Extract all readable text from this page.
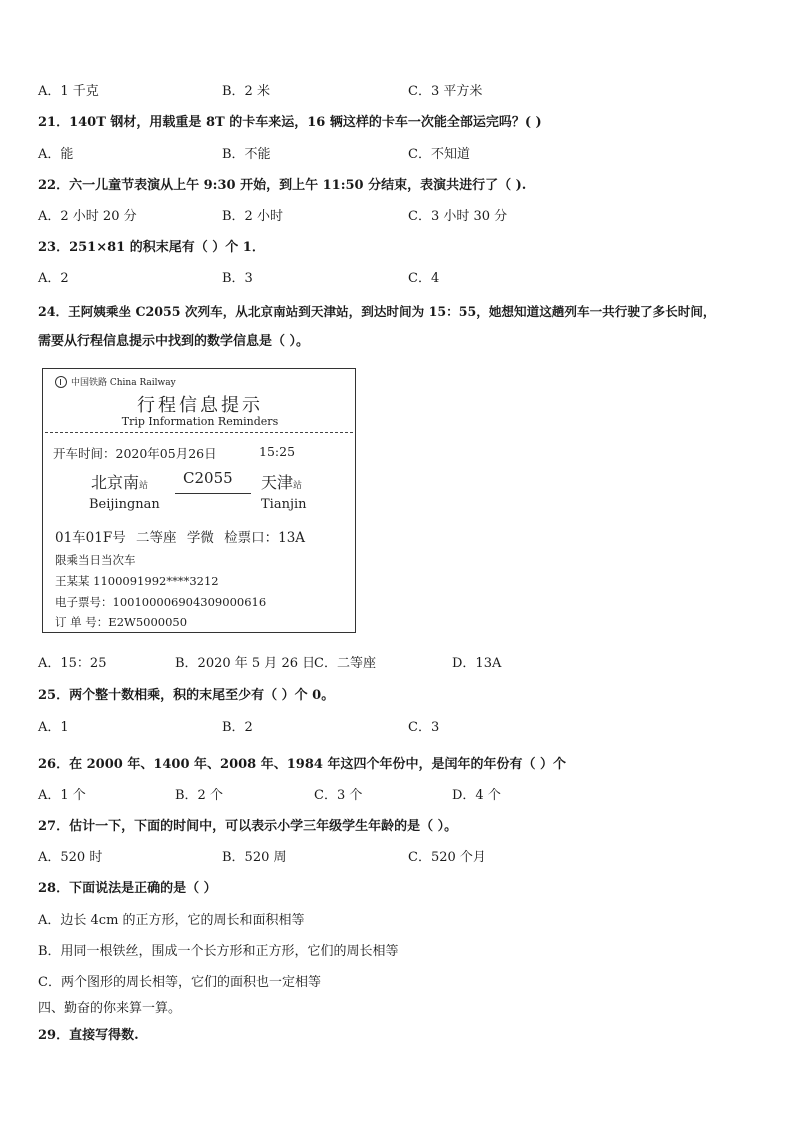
A．1 千克	B．2 米	C．3 平方米
21．140T 钢材，用载重是 8T 的卡车来运，16 辆这样的卡车一次能全部运完吗？( )
A．能	B．不能	C．不知道
22．六一儿童节表演从上午 9:30 开始，到上午 11:50 分结束，表演共进行了（ ).
A．2 小时 20 分	B．2 小时	C．3 小时 30 分
23．251×81 的积末尾有（ ）个 1．
A．2	B．3	C．4
24．王阿姨乘坐 C2055 次列车，从北京南站到天津站，到达时间为 15：55，她想知道这趟列车一共行驶了多长时间，
需要从行程信息提示中找到的数学信息是（ ）。
中国铁路 China Railway
行程信息提示
Trip Information Reminders
开车时间：2020年05月26日	15:25
北京南站 C2055 天津站
Beijingnan	Tianjin
01车01F号 二等座 学微 检票口：13A
限乘当日当次车
王某某 1100091992****3212
电子票号：10010000690430900061​6
订 单 号：E2W5000050
A．15：25	B．2020 年 5 月 26 日
C．二等座	D．13A
25．两个整十数相乘，积的末尾至少有（ ）个 0。
A．1	B．2	C．3
26．在 2000 年、1400 年、2008 年、1984 年这四个年份中，是闰年的年份有（ ）个
A．1 个	B．2 个	C．3 个	D．4 个
27．估计一下，下面的时间中，可以表示小学三年级学生年龄的是（ ）。
A．520 时	B．520 周	C．520 个月
28．下面说法是正确的是（ ）
A．边长 4cm 的正方形，它的周长和面积相等
B．用同一根铁丝，围成一个长方形和正方形，它们的周长相等
C．两个图形的周长相等，它们的面积也一定相等
四、勤奋的你来算一算。
29．直接写得数.
